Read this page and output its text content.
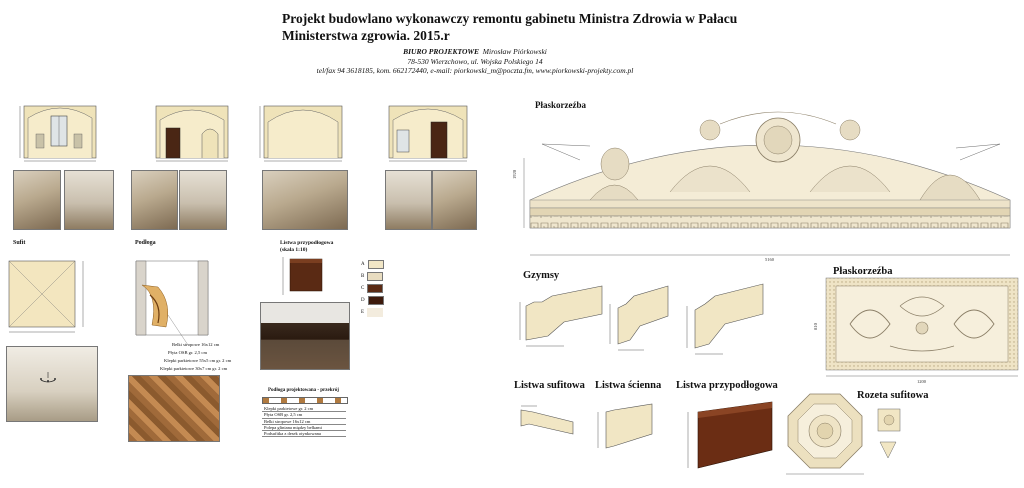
Projekt budowlano wykonawczy remontu gabinetu Ministra Zdrowia w Pałacu
Ministerstwa zgrowia. 2015.r
BIURO PROJEKTOWE Mirosław Piórkowski
78-530 Wierzchowo, ul. Wojska Polskiego 14
tel/fax 94 3618185, kom. 662172440, e-mail: piorkowski_m@poczta.fm, www.piorkowski-projekty.com.pl
Sufit	Podłoga
Belki stropowe 16x12 cm
Płyta OSB gr. 2,5 cm
Klepki parkietowe 55x5 cm gr. 2 cm
Klepki parkietowe 30x7 cm gr. 2 cm
Listwa przypodłogowa
(skala 1:10)
A
B
C
D
E
Podłoga projektowana - przekrój
Klepki parkietowe gr. 2 cm
Płyta OSB gr. 2,5 cm
Belki stropowe 16x12 cm
Polepa gliniana między belkami
Podsufitka z desek otynkowana
Płaskorzeźba
5160
1920
Gzymsy	Płaskorzeźba
1200
810
Listwa sufitowa Listwa ścienna Listwa przypodłogowa
Rozeta sufitowa
